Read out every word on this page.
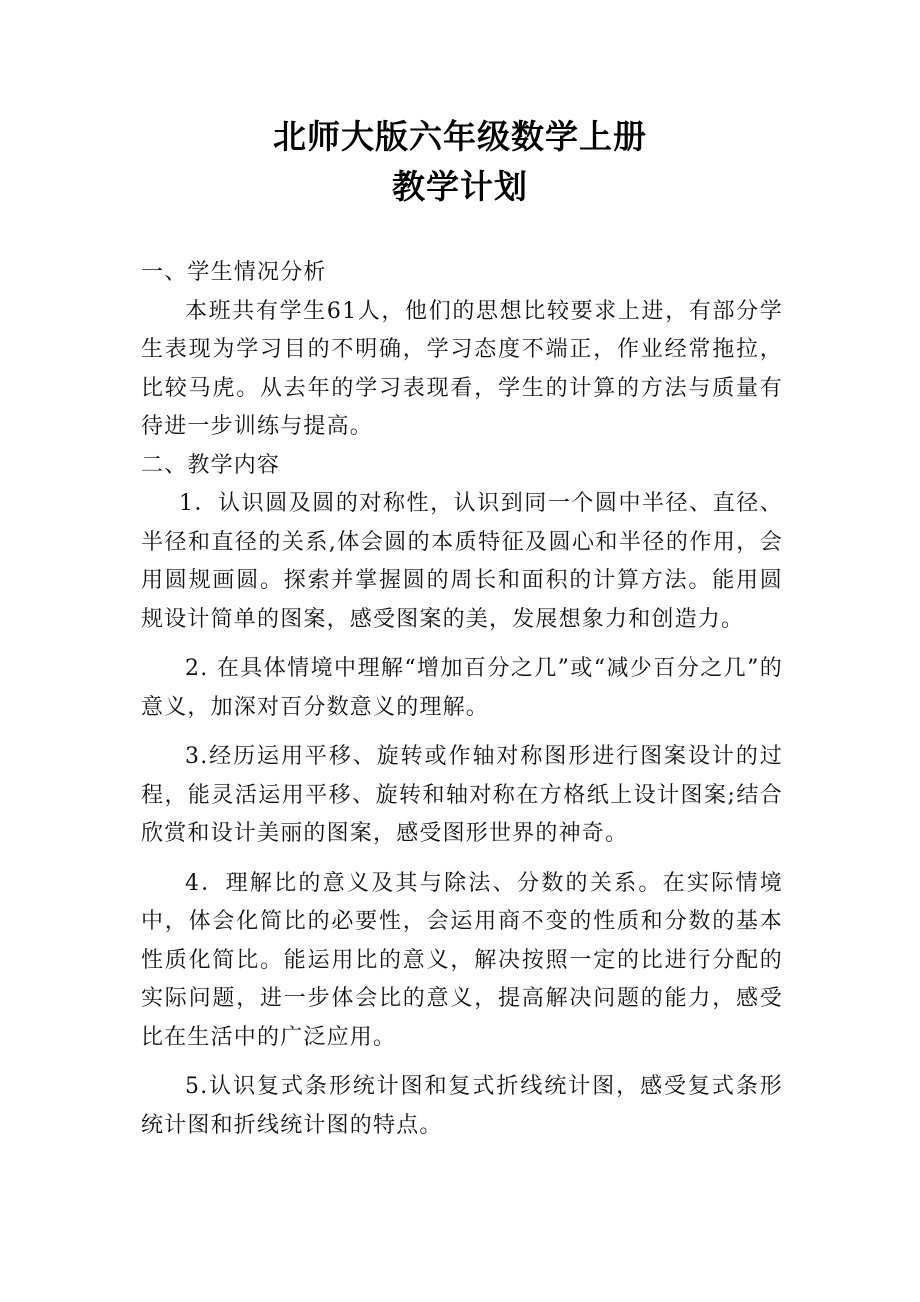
北师大版六年级数学上册
教学计划

一、学生情况分析

本班共有学生61人，他们的思想比较要求上进，有部分学生表现为学习目的不明确，学习态度不端正，作业经常拖拉，比较马虎。从去年的学习表现看，学生的计算的方法与质量有待进一步训练与提高。

二、教学内容

1．认识圆及圆的对称性，认识到同一个圆中半径、直径、半径和直径的关系,体会圆的本质特征及圆心和半径的作用，会用圆规画圆。探索并掌握圆的周长和面积的计算方法。能用圆规设计简单的图案，感受图案的美，发展想象力和创造力。

2. 在具体情境中理解“增加百分之几”或“减少百分之几”的意义，加深对百分数意义的理解。

3.经历运用平移、旋转或作轴对称图形进行图案设计的过程，能灵活运用平移、旋转和轴对称在方格纸上设计图案;结合欣赏和设计美丽的图案，感受图形世界的神奇。

4．理解比的意义及其与除法、分数的关系。在实际情境中，体会化简比的必要性，会运用商不变的性质和分数的基本性质化简比。能运用比的意义，解决按照一定的比进行分配的实际问题，进一步体会比的意义，提高解决问题的能力，感受比在生活中的广泛应用。

5.认识复式条形统计图和复式折线统计图，感受复式条形统计图和折线统计图的特点。
